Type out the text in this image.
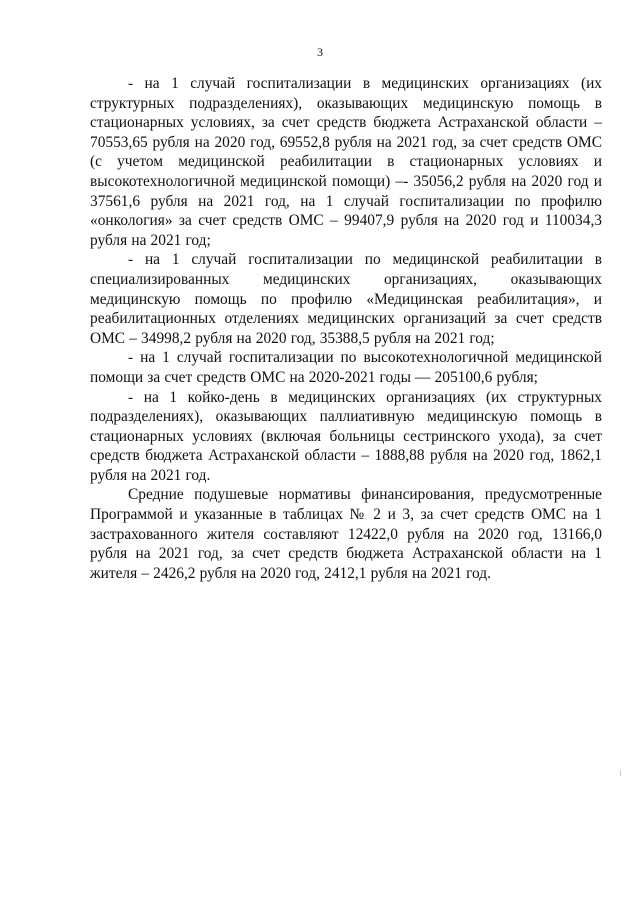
3

- на 1 случай госпитализации в медицинских организациях (их структурных подразделениях), оказывающих медицинскую помощь в стационарных условиях, за счет средств бюджета Астраханской области – 70553,65 рубля на 2020 год, 69552,8 рубля на 2021 год, за счет средств ОМС (с учетом медицинской реабилитации в стационарных условиях и высокотехнологичной медицинской помощи) –- 35056,2 рубля на 2020 год и 37561,6 рубля на 2021 год, на 1 случай госпитализации по профилю «онкология» за счет средств ОМС – 99407,9 рубля на 2020 год и 110034,3 рубля на 2021 год;

- на 1 случай госпитализации по медицинской реабилитации в специализированных медицинских организациях, оказывающих медицинскую помощь по профилю «Медицинская реабилитация», и реабилитационных отделениях медицинских организаций за счет средств ОМС – 34998,2 рубля на 2020 год, 35388,5 рубля на 2021 год;

- на 1 случай госпитализации по высокотехнологичной медицинской помощи за счет средств ОМС на 2020-2021 годы — 205100,6 рубля;

- на 1 койко-день в медицинских организациях (их структурных подразделениях), оказывающих паллиативную медицинскую помощь в стационарных условиях (включая больницы сестринского ухода), за счет средств бюджета Астраханской области – 1888,88 рубля на 2020 год, 1862,1 рубля на 2021 год.

Средние подушевые нормативы финансирования, предусмотренные Программой и указанные в таблицах № 2 и 3, за счет средств ОМС на 1 застрахованного жителя составляют 12422,0 рубля на 2020 год, 13166,0 рубля на 2021 год, за счет средств бюджета Астраханской области на 1 жителя – 2426,2 рубля на 2020 год, 2412,1 рубля на 2021 год.
